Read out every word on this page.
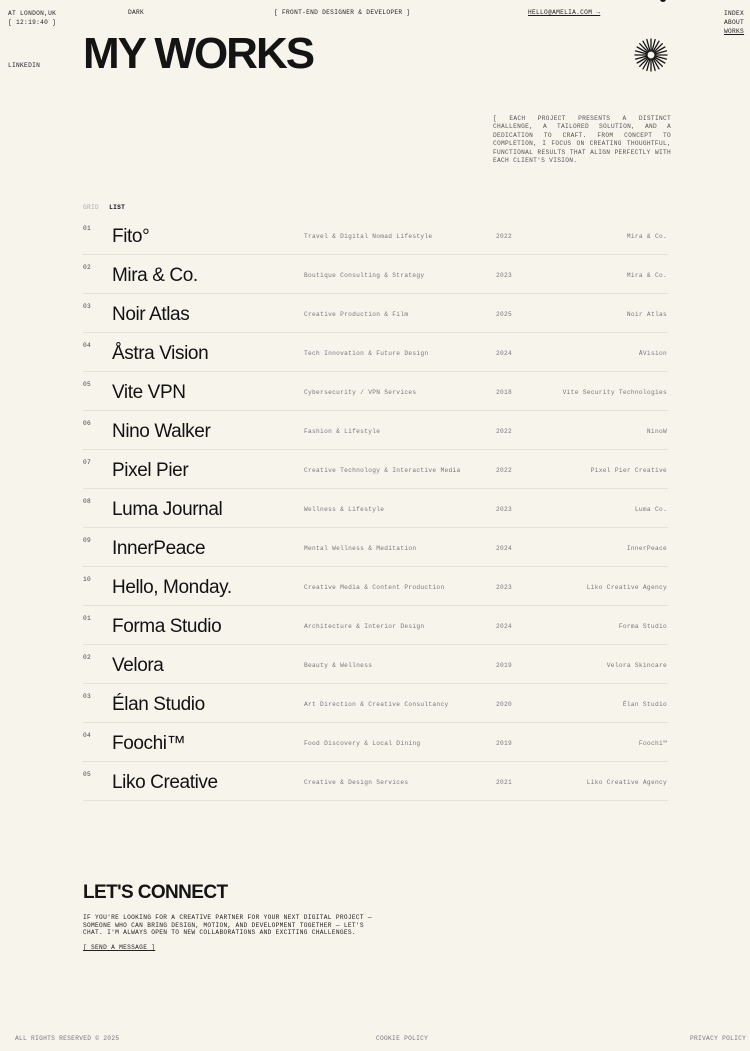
AT LONDON,UK
[ 12:19:40 ]
DARK	[ FRONT-END DESIGNER & DEVELOPER ]	HELLO@AMELIA.COM →
LINKEDIN
INDEX
ABOUT
WORKS
MY WORKS
[ EACH PROJECT PRESENTS A DISTINCT CHALLENGE, A TAILORED SOLUTION, AND A DEDICATION TO CRAFT. FROM CONCEPT TO COMPLETION, I FOCUS ON CREATING THOUGHTFUL, FUNCTIONAL RESULTS THAT ALIGN PERFECTLY WITH EACH CLIENT'S VISION.
GRID LIST
01 Fito°	Travel & Digital Nomad Lifestyle	2022	Mira & Co.
02 Mira & Co.	Boutique Consulting & Strategy	2023	Mira & Co.
03 Noir Atlas	Creative Production & Film	2025	Noir Atlas
04 Åstra Vision	Tech Innovation & Future Design	2024	ÅVision
05 Vite VPN	Cybersecurity / VPN Services	2018	Vite Security Technologies
06 Nino Walker	Fashion & Lifestyle	2022	NinoW
07 Pixel Pier	Creative Technology & Interactive Media	2022	Pixel Pier Creative
08 Luma Journal	Wellness & Lifestyle	2023	Luma Co.
09 InnerPeace	Mental Wellness & Meditation	2024	InnerPeace
10 Hello, Monday.	Creative Media & Content Production	2023	Liko Creative Agency
01 Forma Studio	Architecture & Interior Design	2024	Forma Studio
02 Velora	Beauty & Wellness	2019	Velora Skincare
03 Élan Studio	Art Direction & Creative Consultancy	2020	Élan Studio
04 Foochi™	Food Discovery & Local Dining	2019	Foochi™
05 Liko Creative	Creative & Design Services	2021	Liko Creative Agency
LET'S CONNECT
IF YOU'RE LOOKING FOR A CREATIVE PARTNER FOR YOUR NEXT DIGITAL PROJECT — SOMEONE WHO CAN BRING DESIGN, MOTION, AND DEVELOPMENT TOGETHER — LET'S CHAT. I'M ALWAYS OPEN TO NEW COLLABORATIONS AND EXCITING CHALLENGES.
[ SEND A MESSAGE ]
ALL RIGHTS RESERVED © 2025	COOKIE POLICY	PRIVACY POLICY
